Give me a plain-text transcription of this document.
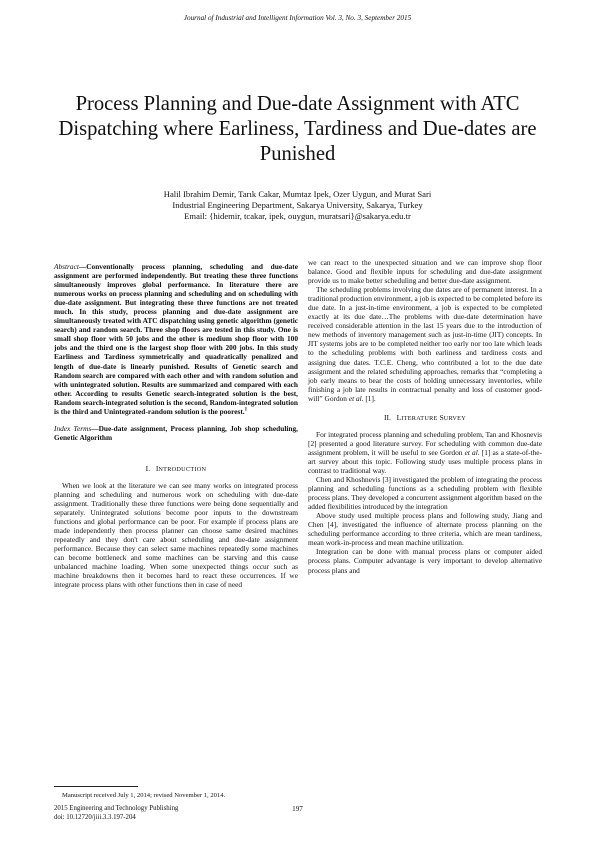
Journal of Industrial and Intelligent Information Vol. 3, No. 3, September 2015
Process Planning and Due-date Assignment with ATC Dispatching where Earliness, Tardiness and Due-dates are Punished
Halil Ibrahim Demir, Tarık Cakar, Mumtaz Ipek, Ozer Uygun, and Murat Sari
Industrial Engineering Department, Sakarya University, Sakarya, Turkey
Email: {hidemir, tcakar, ipek, ouygun, muratsari}@sakarya.edu.tr

Abstract—Conventionally process planning, scheduling and due-date assignment are performed independently. But treating these three functions simultaneously improves global performance. In literature there are numerous works on process planning and scheduling and on scheduling with due-date assignment. But integrating these three functions are not treated much. In this study, process planning and due-date assignment are simultaneously treated with ATC dispatching using genetic algorithm (genetic search) and random search. Three shop floors are tested in this study. One is small shop floor with 50 jobs and the other is medium shop floor with 100 jobs and the third one is the largest shop floor with 200 jobs. In this study Earliness and Tardiness symmetrically and quadratically penalized and length of due-date is linearly punished. Results of Genetic search and Random search are compared with each other and with random solution and with unintegrated solution. Results are summarized and compared with each other. According to results Genetic search-integrated solution is the best, Random search-integrated solution is the second, Random-integrated solution is the third and Unintegrated-random solution is the poorest.$^1$

Index Terms—Due-date assignment, Process planning, Job shop scheduling, Genetic Algorithm

I. INTRODUCTION

When we look at the literature we can see many works on integrated process planning and scheduling and numerous work on scheduling with due-date assignment. Traditionally these three functions were being done sequentially and separately. Unintegrated solutions become poor inputs to the downstream functions and global performance can be poor. For example if process plans are made independently then process planner can choose same desired machines repeatedly and they don't care about scheduling and due-date assignment performance. Because they can select same machines repeatedly some machines can become bottleneck and some machines can be starving and this cause unbalanced machine loading. When some unexpected things occur such as machine breakdowns then it becomes hard to react these occurrences. If we integrate process plans with other functions then in case of need

we can react to the unexpected situation and we can improve shop floor balance. Good and flexible inputs for scheduling and due-date assignment provide us to make better scheduling and better due-date assignment.

The scheduling problems involving due dates are of permanent interest. In a traditional production environment, a job is expected to be completed before its due date. In a just-in-time environment, a job is expected to be completed exactly at its due date…The problems with due-date determination have received considerable attention in the last 15 years due to the introduction of new methods of inventory management such as just-in-time (JIT) concepts. In JIT systems jobs are to be completed neither too early nor too late which leads to the scheduling problems with both earliness and tardiness costs and assigning due dates. T.C.E. Cheng, who contributed a lot to the due date assignment and the related scheduling approaches, remarks that “completing a job early means to bear the costs of holding unnecessary inventories, while finishing a job late results in contractual penalty and loss of customer good-will” Gordon et al. [1].

II. LITERATURE SURVEY

For integrated process planning and scheduling problem, Tan and Khosnevis [2] presented a good literature survey. For scheduling with common due-date assignment problem, it will be useful to see Gordon et al. [1] as a state-of-the-art survey about this topic. Following study uses multiple process plans in contrast to traditional way.

Chen and Khoshnevis [3] investigated the problem of integrating the process planning and scheduling functions as a scheduling problem with flexible process plans. They developed a concurrent assignment algorithm based on the added flexibilities introduced by the integration

Above study used multiple process plans and following study, Jiang and Chen [4], investigated the influence of alternate process planning on the scheduling performance according to three criteria, which are mean tardiness, mean work-in-process and mean machine utilization.

Integration can be done with manual process plans or computer aided process plans. Computer advantage is very important to develop alternative process plans and

Manuscript received July 1, 2014; revised November 1, 2014.
2015 Engineering and Technology Publishing
doi: 10.12720/jiii.3.3.197-204
197
